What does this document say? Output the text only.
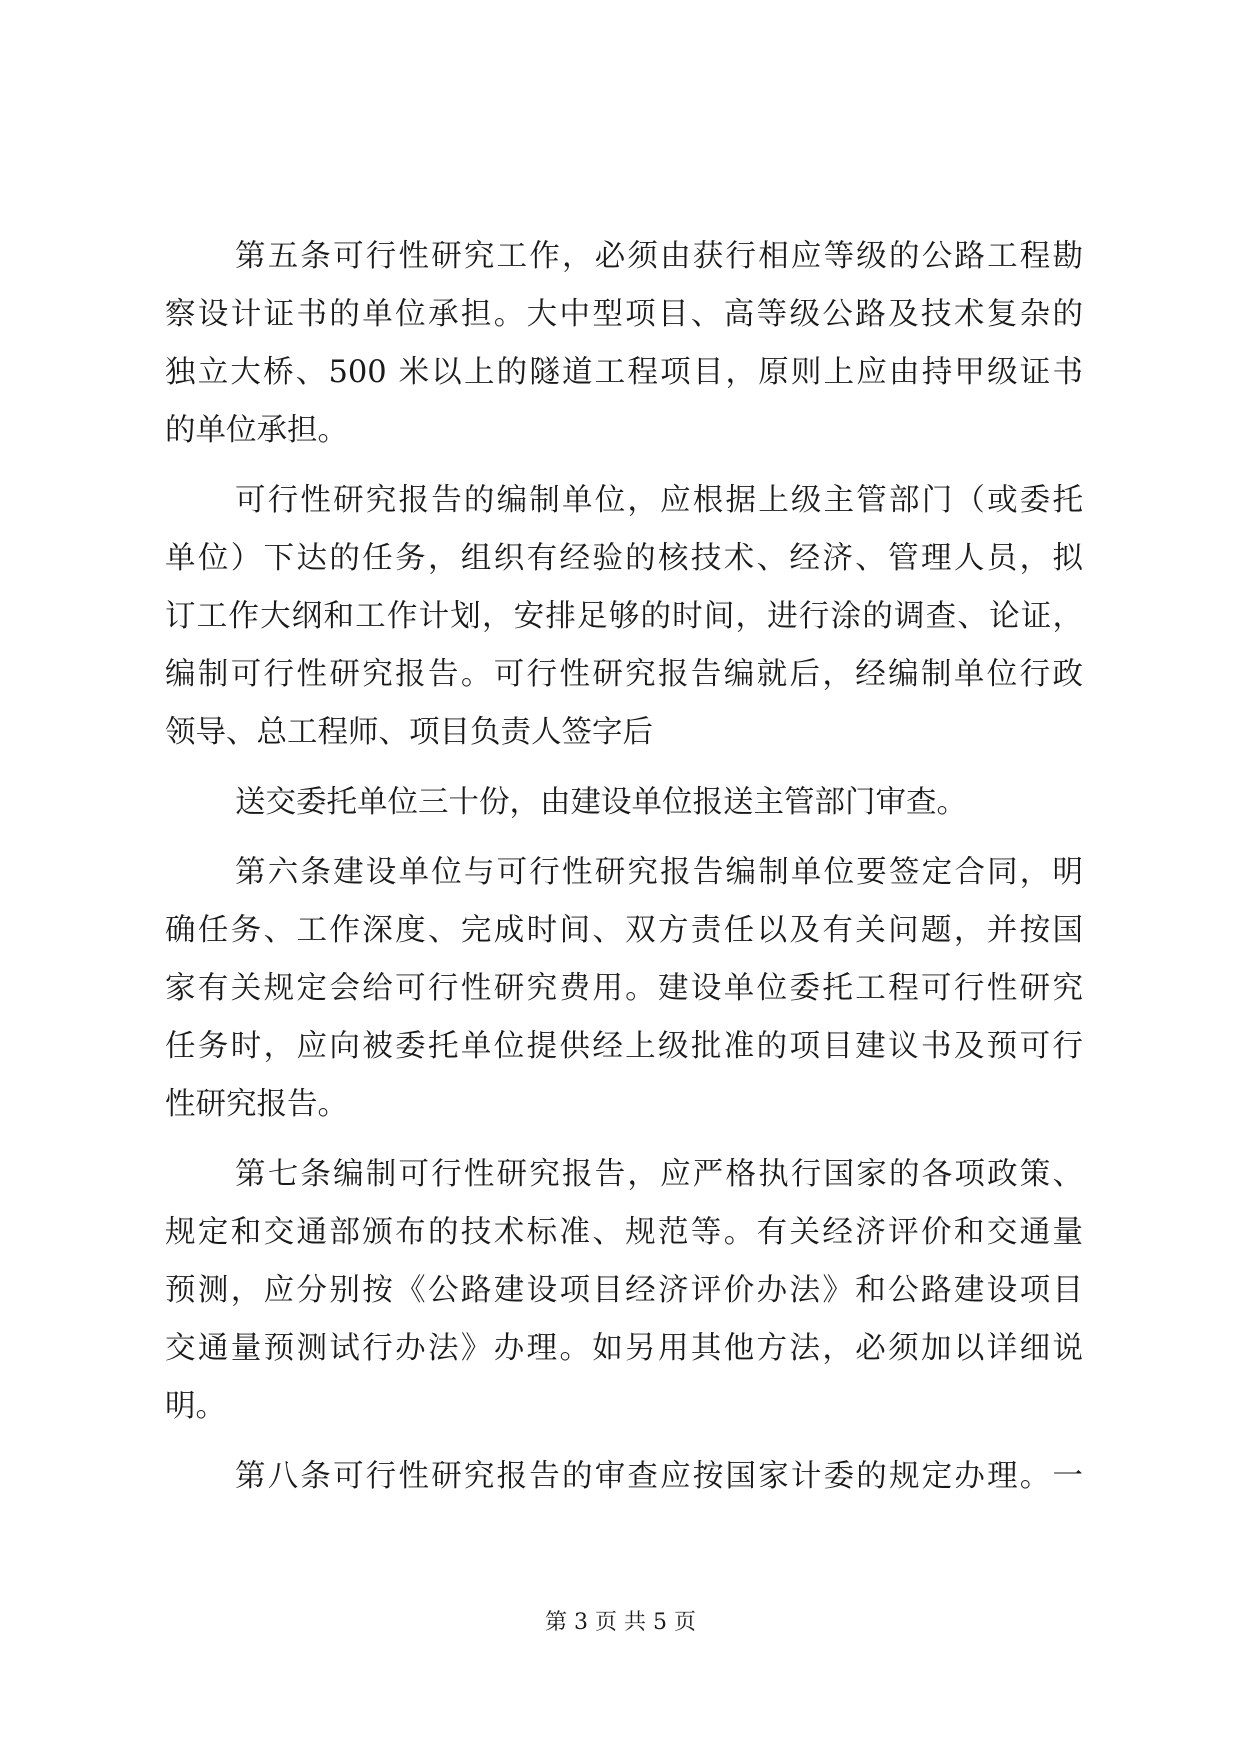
第五条可行性研究工作，必须由获行相应等级的公路工程勘
察设计证书的单位承担。大中型项目、高等级公路及技术复杂的
独立大桥、500 米以上的隧道工程项目，原则上应由持甲级证书
的单位承担。
可行性研究报告的编制单位，应根据上级主管部门（或委托
单位）下达的任务，组织有经验的核技术、经济、管理人员，拟
订工作大纲和工作计划，安排足够的时间，进行涂的调查、论证，
编制可行性研究报告。可行性研究报告编就后，经编制单位行政
领导、总工程师、项目负责人签字后
送交委托单位三十份，由建设单位报送主管部门审查。
第六条建设单位与可行性研究报告编制单位要签定合同，明
确任务、工作深度、完成时间、双方责任以及有关问题，并按国
家有关规定会给可行性研究费用。建设单位委托工程可行性研究
任务时，应向被委托单位提供经上级批准的项目建议书及预可行
性研究报告。
第七条编制可行性研究报告，应严格执行国家的各项政策、
规定和交通部颁布的技术标准、规范等。有关经济评价和交通量
预测，应分别按《公路建设项目经济评价办法》和公路建设项目
交通量预测试行办法》办理。如另用其他方法，必须加以详细说
明。
第八条可行性研究报告的审查应按国家计委的规定办理。一
第 3 页 共 5 页
